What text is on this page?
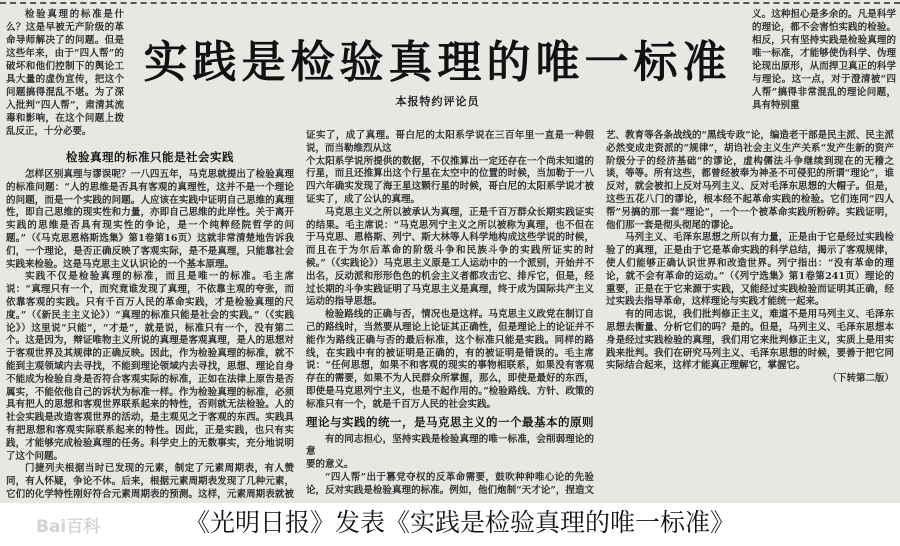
检验真理的标准是什么？这是早被无产阶级的革命导师解决了的问题。但是这些年来，由于“四人帮”的破坏和他们控制下的舆论工具大量的虚伪宣传，把这个问题搞得混乱不堪。为了深入批判“四人帮”，肃清其流毒和影响，在这个问题上拨乱反正，十分必要。

实践是检验真理的唯一标准
本报特约评论员

义。这种担心是多余的。凡是科学的理论，都不会害怕实践的检验。相反，只有坚持实践是检验真理的唯一标准，才能够使伪科学、伪理论现出原形，从而捍卫真正的科学与理论。这一点，对于澄清被“四人帮”搞得非常混乱的理论问题，具有特别重

检验真理的标准只能是社会实践

怎样区别真理与谬误呢？一八四五年，马克思就提出了检验真理的标准问题：“人的思维是否具有客观的真理性，这并不是一个理论的问题，而是一个实践的问题。人应该在实践中证明自己思维的真理性，即自己思维的现实性和力量，亦即自己思维的此岸性。关于离开实践的思维是否具有现实性的争论，是一个纯粹经院哲学的问题。”（《马克思恩格斯选集》第1卷第16页）这就非常清楚地告诉我们，一个理论，是否正确反映了客观实际，是不是真理，只能靠社会实践来检验。这是马克思主义认识论的一个基本原理。

实践不仅是检验真理的标准，而且是唯一的标准。毛主席说：“真理只有一个，而究竟谁发现了真理，不依靠主观的夸张，而依靠客观的实践。只有千百万人民的革命实践，才是检验真理的尺度。”（《新民主主义论》）“真理的标准只能是社会的实践。”（《实践论》）这里说“只能”，“才是”，就是说，标准只有一个，没有第二个。这是因为，辩证唯物主义所说的真理是客观真理，是人的思想对于客观世界及其规律的正确反映。因此，作为检验真理的标准，就不能到主观领域内去寻找，不能到理论领域内去寻找，思想、理论自身不能成为检验自身是否符合客观实际的标准，正如在法律上原告是否属实，不能依他自己的诉状为标准一样。作为检验真理的标准，必须具有把人的思想和客观世界联系起来的特性，否则就无法检验。人的社会实践是改造客观世界的活动，是主观见之于客观的东西。实践具有把思想和客观实际联系起来的特性。因此，正是实践，也只有实践，才能够完成检验真理的任务。科学史上的无数事实，充分地说明了这个问题。

门捷列夫根据当时已发现的元素，制定了元素周期表，有人赞同，有人怀疑，争论不休。后来，根据元素周期表发现了几种元素，它们的化学特性刚好符合元素周期表的预测。这样，元素周期表就被证实了，成了真理。哥白尼的太阳系学说在三百年里一直是一种假说，而当勒维烈从这

个太阳系学说所提供的数据，不仅推算出一定还存在一个尚未知道的行星，而且还推算出这个行星在太空中的位置的时候，当加勒于一八四六年确实发现了海王星这颗行星的时候，哥白尼的太阳系学说才被证实了，成了公认的真理。

马克思主义之所以被承认为真理，正是千百万群众长期实践证实的结果。毛主席说：“马克思列宁主义之所以被称为真理，也不但在于马克思、恩格斯、列宁、斯大林等人科学地构成这些学说的时候，而且在于为尔后革命的阶级斗争和民族斗争的实践所证实的时候。”（《实践论》）马克思主义原是工人运动中的一个派别，开始并不出名，反动派和形形色色的机会主义者都攻击它、排斥它，但是，经过长期的斗争实践证明了马克思主义是真理，终于成为国际共产主义运动的指导思想。

检验路线的正确与否，情况也是这样。马克思主义政党在制订自己的路线时，当然要从理论上论证其正确性，但是理论上的论证并不能作为路线正确与否的最后标准，这个标准只能是实践。同样的路线，在实践中有的被证明是正确的，有的被证明是错误的。毛主席说：“任何思想，如果不和客观的现实的事物相联系，如果没有客观存在的需要，如果不为人民群众所掌握，那么，即使是最好的东西，即使是马克思列宁主义，也是不起作用的。”检验路线、方针、政策的标准只有一个，就是千百万人民的社会实践。

理论与实践的统一，是马克思主义的一个最基本的原则

有的同志担心，坚持实践是检验真理的唯一标准，会削弱理论的意

要的意义。

“四人帮”出于篡党夺权的反革命需要，鼓吹种种唯心论的先验论，反对实践是检验真理的标准。例如，他们炮制“天才论”，捏造文艺、教育等各条战线的“黑线专政”论，编造老干部是民主派、民主派必然变成走资派的“规律”，胡诌社会主义生产关系“发产生新的资产阶级分子的经济基础”的谬论，虚构儒法斗争继续到现在的无稽之谈，等等。所有这些，都曾经被奉为神圣不可侵犯的所谓“理论”，谁反对，就会被扣上反对马列主义、反对毛泽东思想的大帽子。但是，这些五花八门的谬论，根本经不起革命实践的检验。它们连同“四人帮”另搞的那一套“理论”，一个一个被革命实践所粉碎。实践证明，他们那一套是彻头彻尾的谬论。

马列主义、毛泽东思想之所以有力量，正是由于它是经过实践检验了的真理，正是由于它是革命实践的科学总结，揭示了客观规律，使人们能够正确认识世界和改造世界。列宁指出：“没有革命的理论，就不会有革命的运动。”（《列宁选集》第1卷第241页）理论的重要，正是在于它来源于实践，又能经过实践检验而证明其正确，经过实践去指导革命，这样理论与实践才能统一起来。

有的同志说，我们批判修正主义，难道不是用马列主义、毛泽东思想去衡量、分析它们的吗？是的。但是，马列主义、毛泽东思想本身是经过实践检验的真理，我们用它来批判修正主义，实质上是用实践来批判。我们在研究马列主义、毛泽东思想的时候，要善于把它同实际结合起来，这样才能真正理解它，掌握它。

（下转第二版）
Bai百科	《光明日报》发表《实践是检验真理的唯一标准》
